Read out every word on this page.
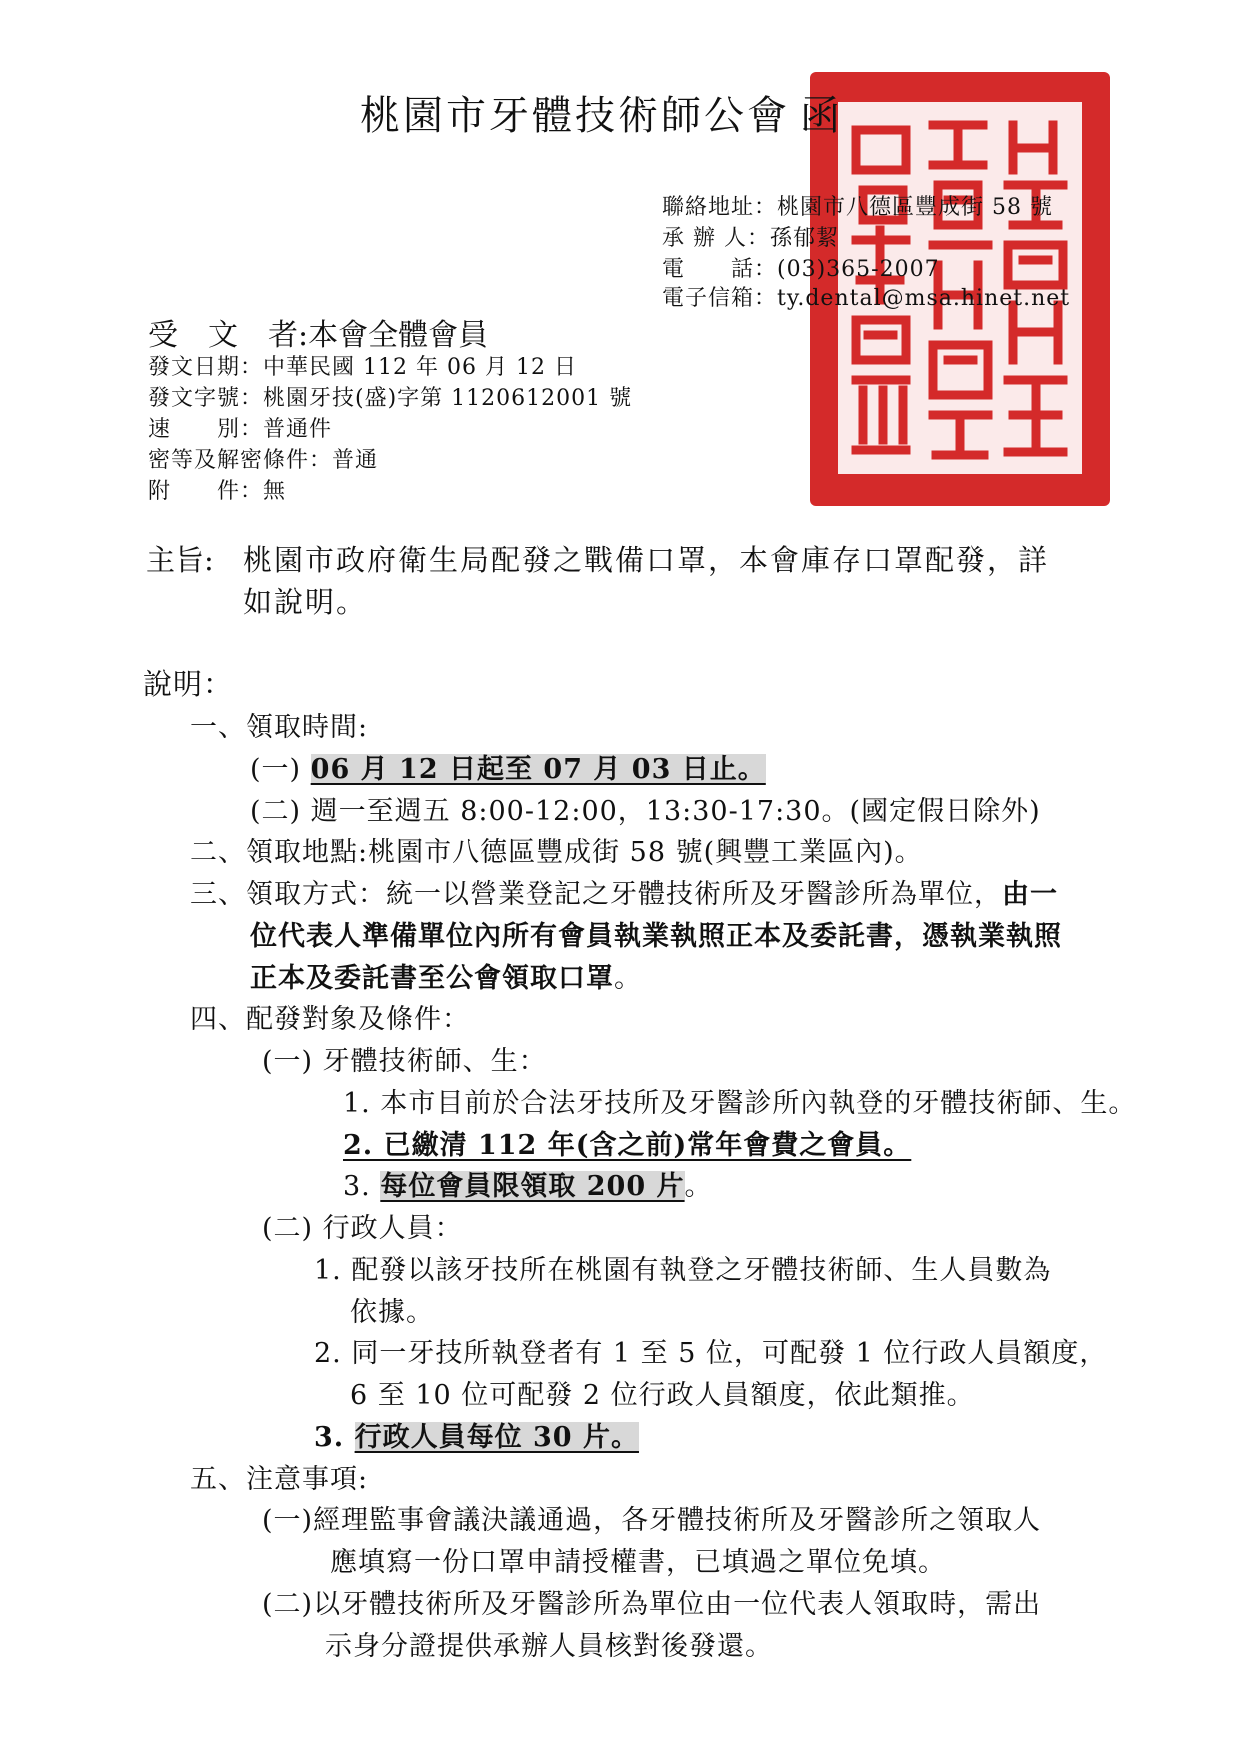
桃園市牙體技術師公會 函
聯絡地址：桃園市八德區豐成街 58 號
承 辦 人：孫郁絜
電　　話：(03)365-2007
電子信箱：ty.dental@msa.hinet.net
受　文　者:本會全體會員
發文日期：中華民國 112 年 06 月 12 日
發文字號：桃園牙技(盛)字第 1120612001 號
速　　別：普通件
密等及解密條件：普通
附　　件：無
主旨: 桃園市政府衛生局配發之戰備口罩，本會庫存口罩配發，詳
如說明。
說明：
一、領取時間:
(一) 06 月 12 日起至 07 月 03 日止。
(二) 週一至週五 8:00-12:00，13:30-17:30。(國定假日除外)
二、領取地點:桃園市八德區豐成街 58 號(興豐工業區內)。
三、領取方式：統一以營業登記之牙體技術所及牙醫診所為單位，由一
位代表人準備單位內所有會員執業執照正本及委託書，憑執業執照
正本及委託書至公會領取口罩。
四、配發對象及條件：
(一) 牙體技術師、生：
1. 本市目前於合法牙技所及牙醫診所內執登的牙體技術師、生。
2. 已繳清 112 年(含之前)常年會費之會員。
3. 每位會員限領取 200 片。
(二) 行政人員：
1. 配發以該牙技所在桃園有執登之牙體技術師、生人員數為
依據。
2. 同一牙技所執登者有 1 至 5 位，可配發 1 位行政人員額度，
6 至 10 位可配發 2 位行政人員額度，依此類推。
3. 行政人員每位 30 片。
五、注意事項:
(一)經理監事會議決議通過，各牙體技術所及牙醫診所之領取人
應填寫一份口罩申請授權書，已填過之單位免填。
(二)以牙體技術所及牙醫診所為單位由一位代表人領取時，需出
示身分證提供承辦人員核對後發還。
